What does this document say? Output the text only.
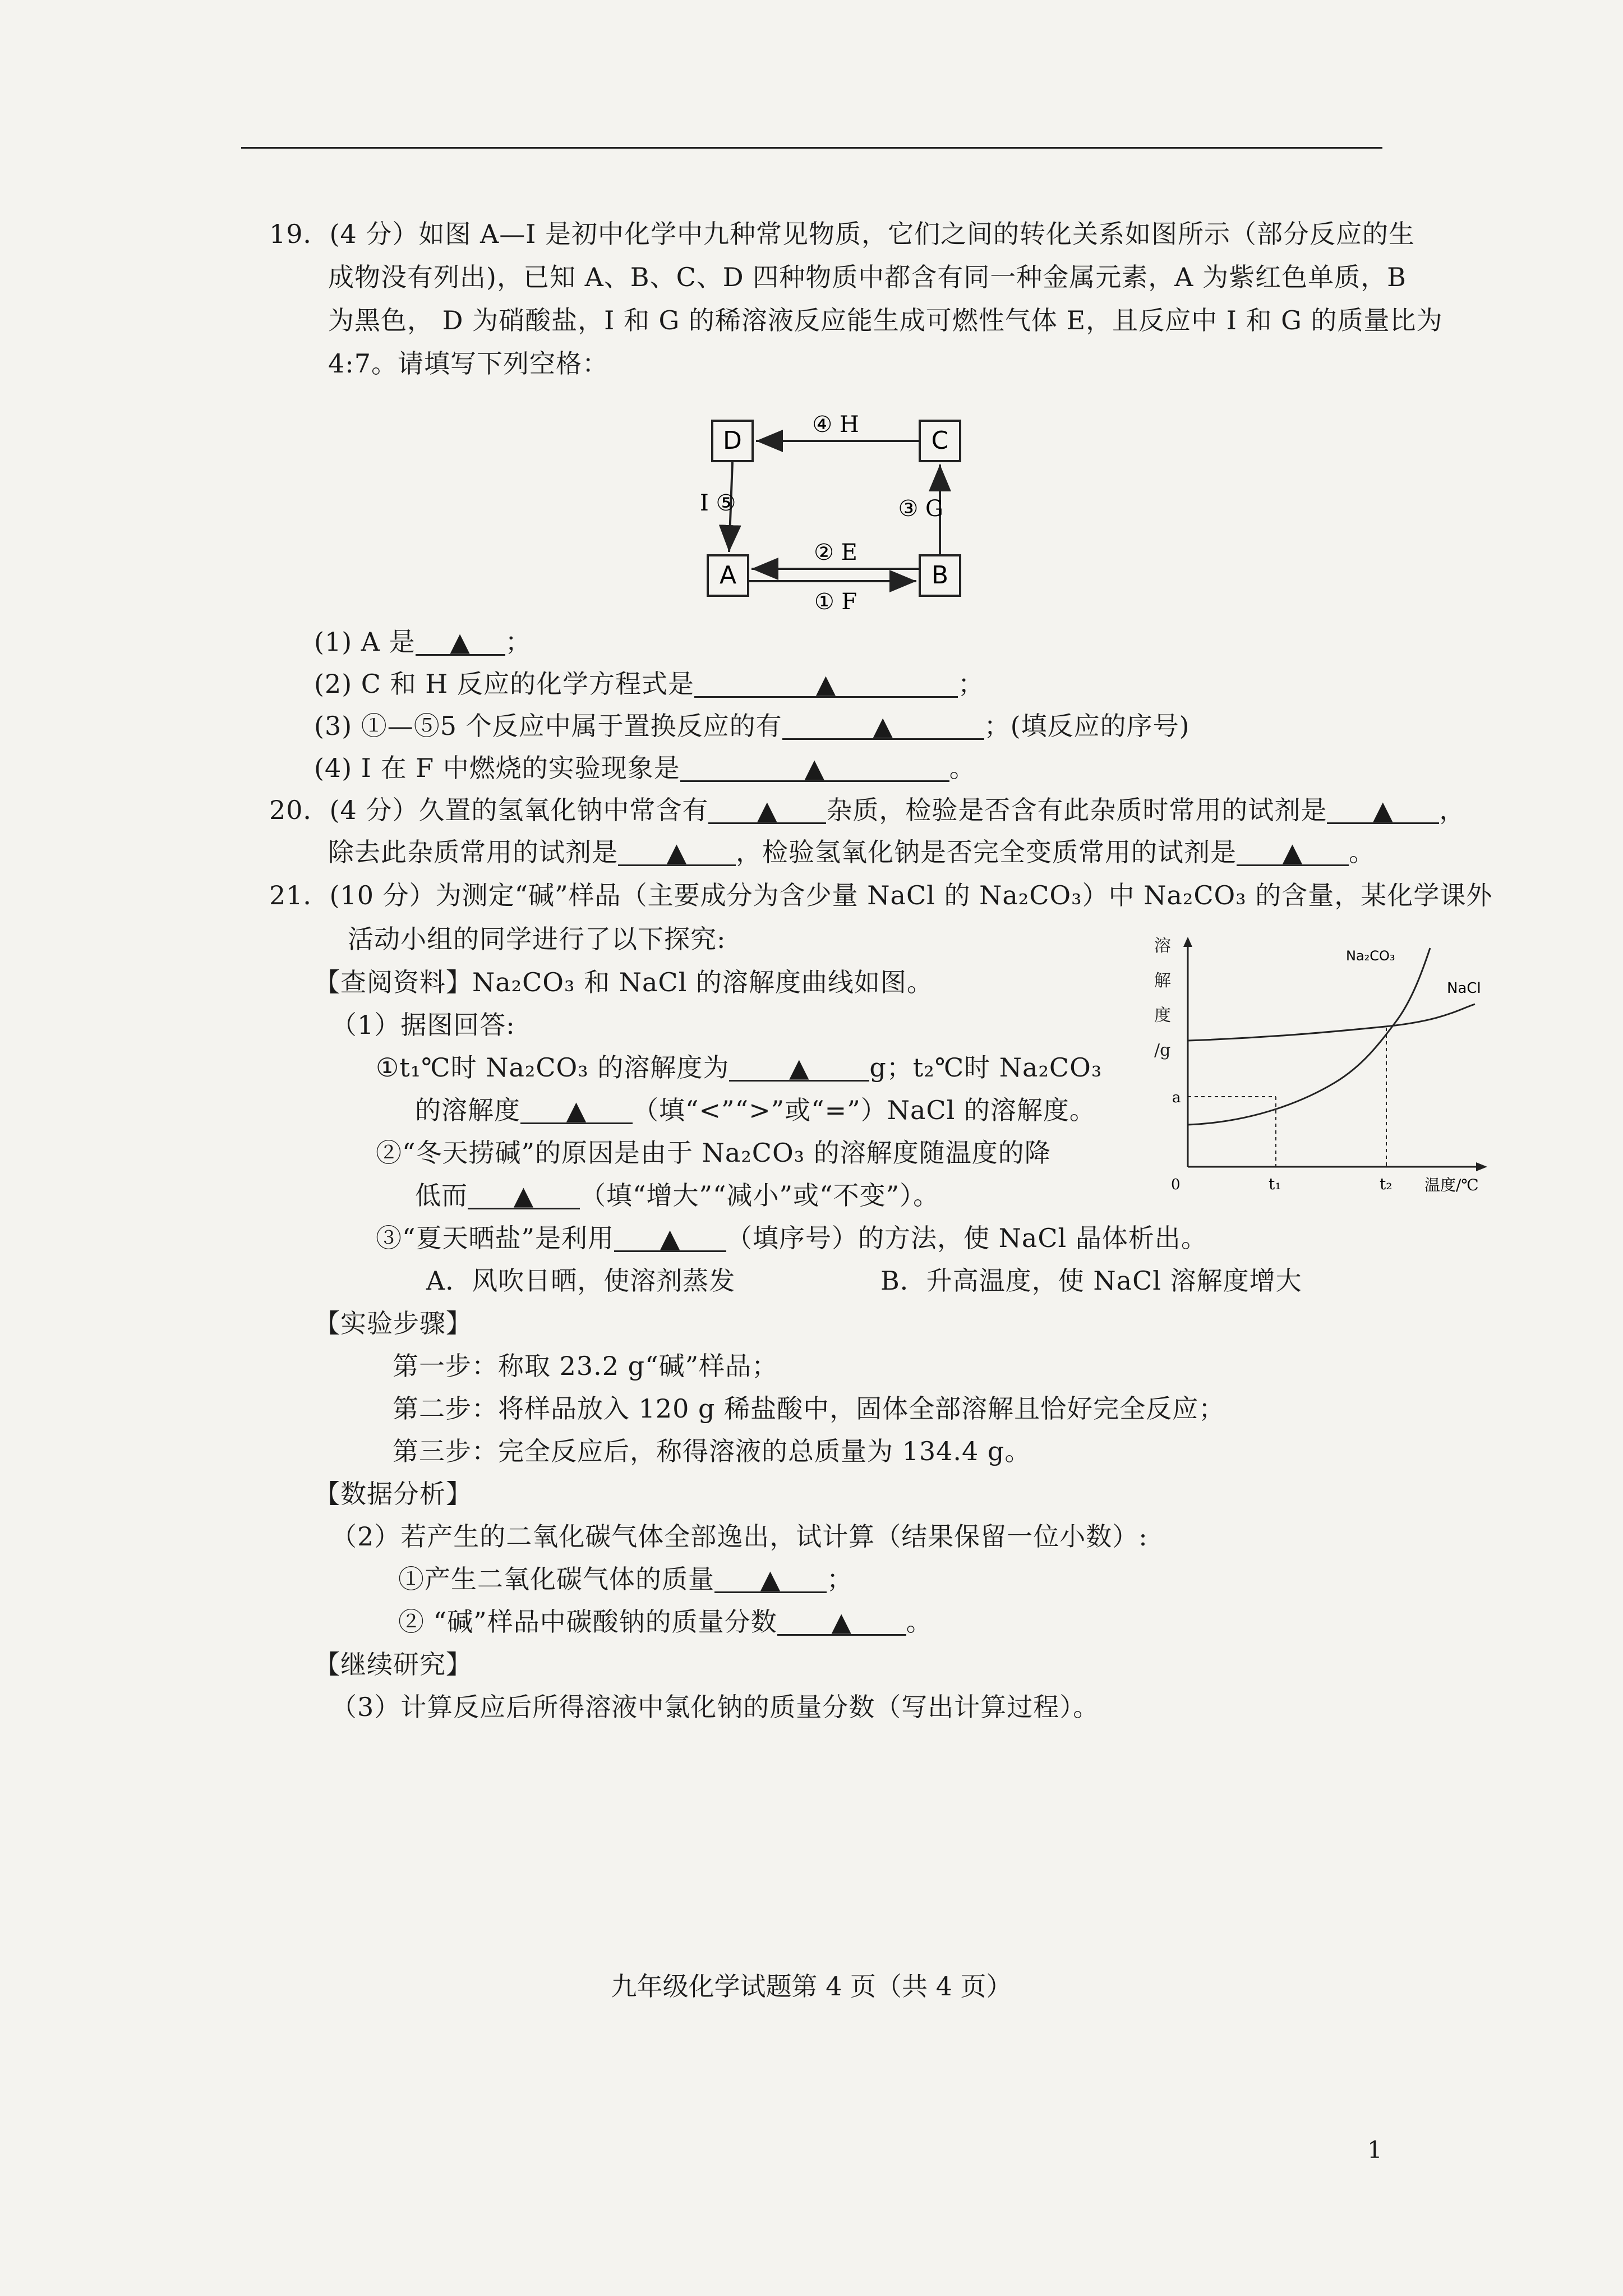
19．(4 分）如图 A—I 是初中化学中九种常见物质，它们之间的转化关系如图所示（部分反应的生
成物没有列出)，已知 A、B、C、D 四种物质中都含有同一种金属元素，A 为紫红色单质，B
为黑色， D 为硝酸盐，I 和 G 的稀溶液反应能生成可燃性气体 E，且反应中 I 和 G 的质量比为
4:7。请填写下列空格：
D	C
A	B
④ H
I ⑤	③ G
② E
① F
(1) A 是 ▲ ；
(2) C 和 H 反应的化学方程式是	▲	；
(3) ①—⑤5 个反应中属于置换反应的有	▲	；(填反应的序号)
(4) I 在 F 中燃烧的实验现象是	▲	。
20．(4 分）久置的氢氧化钠中常含有 ▲ 杂质，检验是否含有此杂质时常用的试剂是 ▲ ，
除去此杂质常用的试剂是 ▲ ，检验氢氧化钠是否完全变质常用的试剂是 ▲ 。
21．(10 分）为测定“碱”样品（主要成分为含少量 NaCl 的 Na₂CO₃）中 Na₂CO₃ 的含量，某化学课外
活动小组的同学进行了以下探究:
【查阅资料】Na₂CO₃ 和 NaCl 的溶解度曲线如图。
（1）据图回答:
①t₁℃时 Na₂CO₃ 的溶解度为 ▲ g；t₂℃时 Na₂CO₃
的溶解度 ▲ （填“<”“>”或“=”）NaCl 的溶解度。
②“冬天捞碱”的原因是由于 Na₂CO₃ 的溶解度随温度的降
低而 ▲ （填“增大”“减小”或“不变”）。
③“夏天晒盐”是利用 ▲ （填序号）的方法，使 NaCl 晶体析出。
A．风吹日晒，使溶剂蒸发	B．升高温度，使 NaCl 溶解度增大
【实验步骤】
第一步：称取 23.2 g“碱”样品；
第二步：将样品放入 120 g 稀盐酸中，固体全部溶解且恰好完全反应；
第三步：完全反应后，称得溶液的总质量为 134.4 g。
【数据分析】
（2）若产生的二氧化碳气体全部逸出，试计算（结果保留一位小数）:
①产生二氧化碳气体的质量 ▲ ；
② “碱”样品中碳酸钠的质量分数 ▲ 。
【继续研究】
（3）计算反应后所得溶液中氯化钠的质量分数（写出计算过程）。
溶
解
度
/g
a
0	t₁	t₂ 温度/℃
Na₂CO₃
NaCl
九年级化学试题第 4 页（共 4 页）
1
